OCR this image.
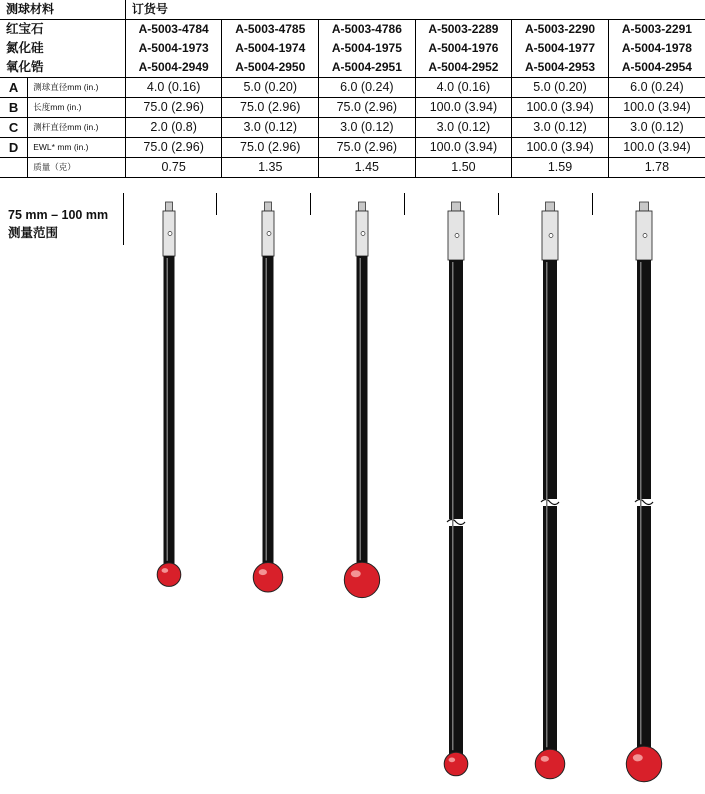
测球材料		订货号					
红宝石		A-5003-4784	A-5003-4785	A-5003-4786	A-5003-2289	A-5003-2290	A-5003-2291
氮化硅		A-5004-1973	A-5004-1974	A-5004-1975	A-5004-1976	A-5004-1977	A-5004-1978
氧化锆		A-5004-2949	A-5004-2950	A-5004-2951	A-5004-2952	A-5004-2953	A-5004-2954
A	测球直径mm (in.)	4.0 (0.16)	5.0 (0.20)	6.0 (0.24)	4.0 (0.16)	5.0 (0.20)	6.0 (0.24)
B	长度mm (in.)	75.0 (2.96)	75.0 (2.96)	75.0 (2.96)	100.0 (3.94)	100.0 (3.94)	100.0 (3.94)
C	测杆直径mm (in.)	2.0 (0.8)	3.0 (0.12)	3.0 (0.12)	3.0 (0.12)	3.0 (0.12)	3.0 (0.12)
D	EWL* mm (in.)	75.0 (2.96)	75.0 (2.96)	75.0 (2.96)	100.0 (3.94)	100.0 (3.94)	100.0 (3.94)
	质量（克）	0.75	1.35	1.45	1.50	1.59	1.78
75 mm – 100 mm
测量范围
